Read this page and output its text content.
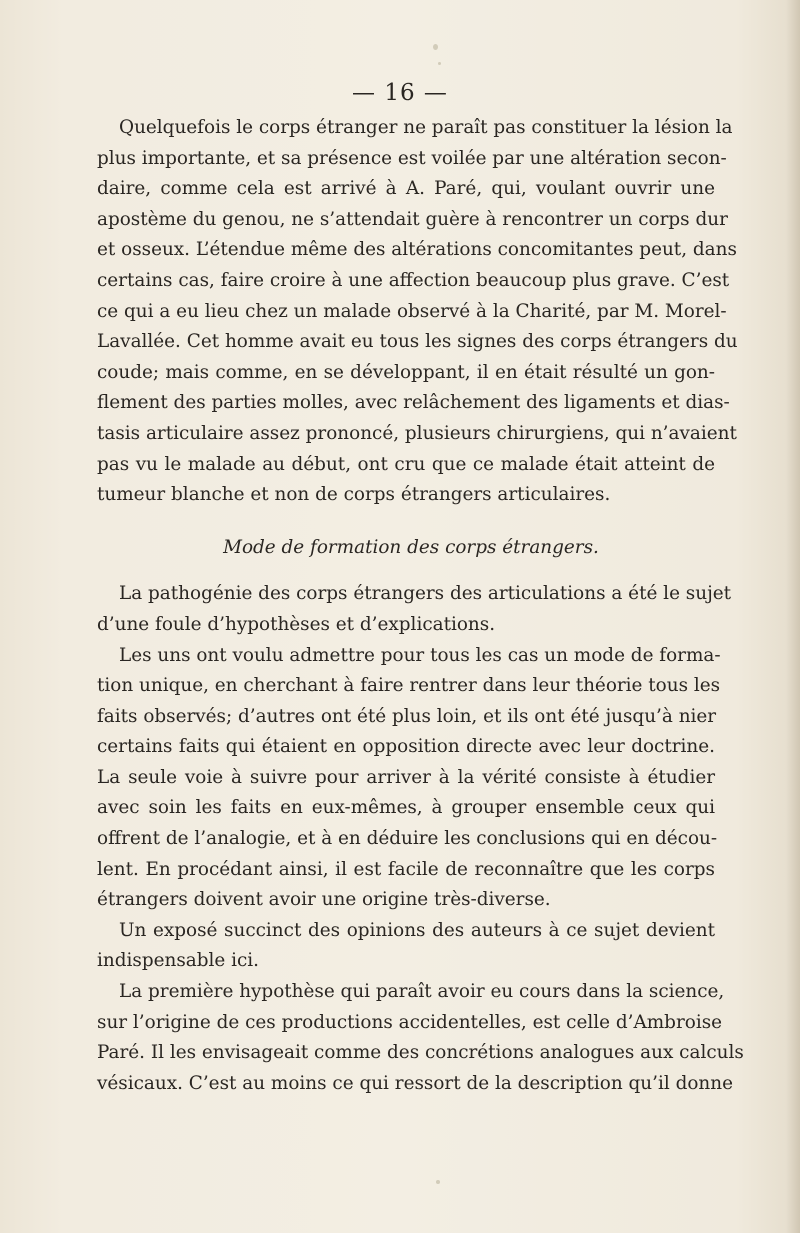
— 16 —
Quelquefois le corps étranger ne paraît pas constituer la lésion la
plus importante, et sa présence est voilée par une altération secon-
daire, comme cela est arrivé à A. Paré, qui, voulant ouvrir une
apostème du genou, ne s’attendait guère à rencontrer un corps dur
et osseux. L’étendue même des altérations concomitantes peut, dans
certains cas, faire croire à une affection beaucoup plus grave. C’est
ce qui a eu lieu chez un malade observé à la Charité, par M. Morel-
Lavallée. Cet homme avait eu tous les signes des corps étrangers du
coude; mais comme, en se développant, il en était résulté un gon-
flement des parties molles, avec relâchement des ligaments et dias-
tasis articulaire assez prononcé, plusieurs chirurgiens, qui n’avaient
pas vu le malade au début, ont cru que ce malade était atteint de
tumeur blanche et non de corps étrangers articulaires.
Mode de formation des corps étrangers.
La pathogénie des corps étrangers des articulations a été le sujet
d’une foule d’hypothèses et d’explications.
Les uns ont voulu admettre pour tous les cas un mode de forma-
tion unique, en cherchant à faire rentrer dans leur théorie tous les
faits observés; d’autres ont été plus loin, et ils ont été jusqu’à nier
certains faits qui étaient en opposition directe avec leur doctrine.
La seule voie à suivre pour arriver à la vérité consiste à étudier
avec soin les faits en eux-mêmes, à grouper ensemble ceux qui
offrent de l’analogie, et à en déduire les conclusions qui en décou-
lent. En procédant ainsi, il est facile de reconnaître que les corps
étrangers doivent avoir une origine très-diverse.
Un exposé succinct des opinions des auteurs à ce sujet devient
indispensable ici.
La première hypothèse qui paraît avoir eu cours dans la science,
sur l’origine de ces productions accidentelles, est celle d’Ambroise
Paré. Il les envisageait comme des concrétions analogues aux calculs
vésicaux. C’est au moins ce qui ressort de la description qu’il donne
